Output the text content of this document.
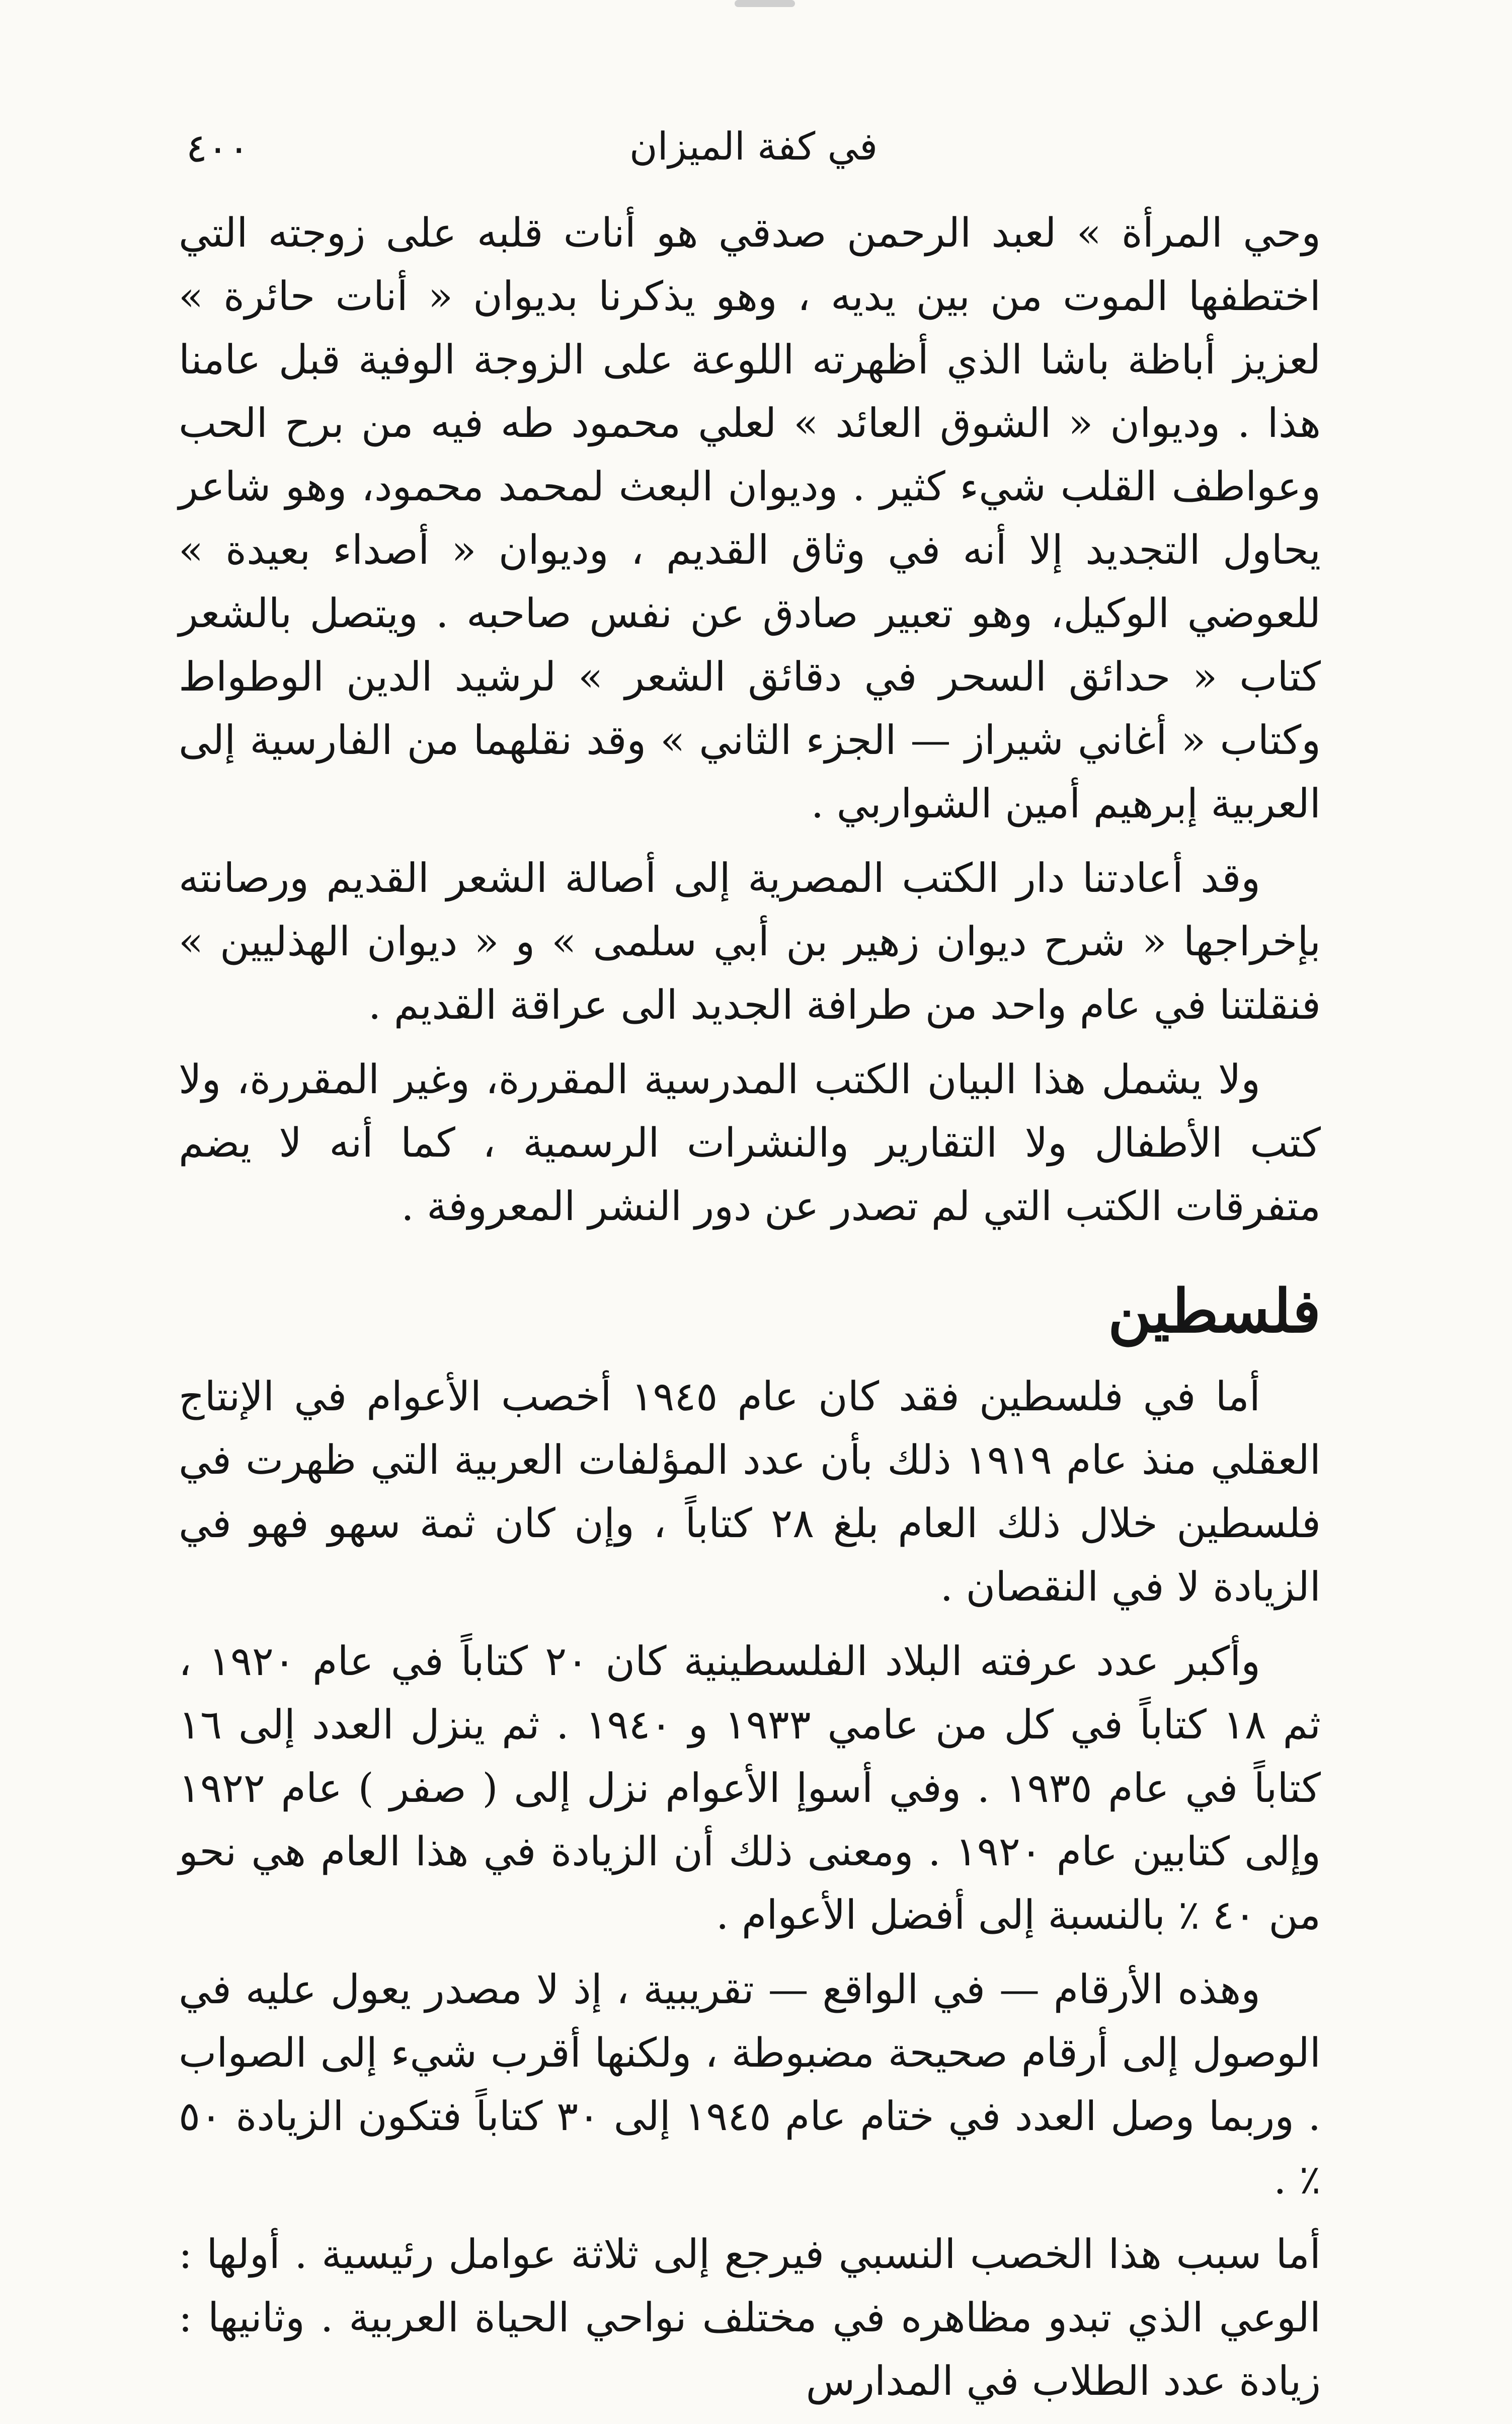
في كفة الميزان
٤٠٠

وحي المرأة » لعبد الرحمن صدقي هو أنات قلبه على زوجته التي اختطفها الموت من بين يديه ، وهو يذكرنا بديوان « أنات حائرة » لعزيز أباظة باشا الذي أظهرته اللوعة على الزوجة الوفية قبل عامنا هذا . وديوان « الشوق العائد » لعلي محمود طه فيه من برح الحب وعواطف القلب شيء كثير . وديوان البعث لمحمد محمود، وهو شاعر يحاول التجديد إلا أنه في وثاق القديم ، وديوان « أصداء بعيدة » للعوضي الوكيل، وهو تعبير صادق عن نفس صاحبه . ويتصل بالشعر كتاب « حدائق السحر في دقائق الشعر » لرشيد الدين الوطواط وكتاب « أغاني شيراز — الجزء الثاني » وقد نقلهما من الفارسية إلى العربية إبرهيم أمين الشواربي .

وقد أعادتنا دار الكتب المصرية إلى أصالة الشعر القديم ورصانته بإخراجها « شرح ديوان زهير بن أبي سلمى » و « ديوان الهذليين » فنقلتنا في عام واحد من طرافة الجديد الى عراقة القديم .

ولا يشمل هذا البيان الكتب المدرسية المقررة، وغير المقررة، ولا كتب الأطفال ولا التقارير والنشرات الرسمية ، كما أنه لا يضم متفرقات الكتب التي لم تصدر عن دور النشر المعروفة .

فلسطين

أما في فلسطين فقد كان عام ١٩٤٥ أخصب الأعوام في الإنتاج العقلي منذ عام ١٩١٩ ذلك بأن عدد المؤلفات العربية التي ظهرت في فلسطين خلال ذلك العام بلغ ٢٨ كتاباً ، وإن كان ثمة سهو فهو في الزيادة لا في النقصان .

وأكبر عدد عرفته البلاد الفلسطينية كان ٢٠ كتاباً في عام ١٩٢٠ ، ثم ١٨ كتاباً في كل من عامي ١٩٣٣ و ١٩٤٠ . ثم ينزل العدد إلى ١٦ كتاباً في عام ١٩٣٥ . وفي أسوإ الأعوام نزل إلى ( صفر ) عام ١٩٢٢ وإلى كتابين عام ١٩٢٠ . ومعنى ذلك أن الزيادة في هذا العام هي نحو من ٤٠ ٪ بالنسبة إلى أفضل الأعوام .

وهذه الأرقام — في الواقع — تقريبية ، إذ لا مصدر يعول عليه في الوصول إلى أرقام صحيحة مضبوطة ، ولكنها أقرب شيء إلى الصواب . وربما وصل العدد في ختام عام ١٩٤٥ إلى ٣٠ كتاباً فتكون الزيادة ٥٠ ٪ .

أما سبب هذا الخصب النسبي فيرجع إلى ثلاثة عوامل رئيسية . أولها : الوعي الذي تبدو مظاهره في مختلف نواحي الحياة العربية . وثانيها : زيادة عدد الطلاب في المدارس
